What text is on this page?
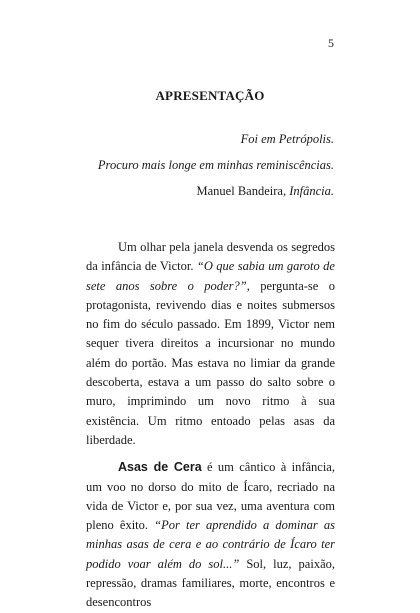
5
APRESENTAÇÃO

Foi em Petrópolis.

Procuro mais longe em minhas reminiscências.

Manuel Bandeira, Infância.

Um olhar pela janela desvenda os segredos da infância de Victor. “O que sabia um garoto de sete anos sobre o poder?”, pergunta-se o protagonista, revivendo dias e noites submersos no fim do século passado. Em 1899, Victor nem sequer tivera direitos a incursionar no mundo além do portão. Mas estava no limiar da grande descoberta, estava a um passo do salto sobre o muro, imprimindo um novo ritmo à sua existência. Um ritmo entoado pelas asas da liberdade.

Asas de Cera é um cântico à infância, um voo no dorso do mito de Ícaro, recriado na vida de Victor e, por sua vez, uma aventura com pleno êxito. “Por ter aprendido a dominar as minhas asas de cera e ao contrário de Ícaro ter podido voar além do sol...” Sol, luz, paixão, repressão, dramas familiares, morte, encontros e desencontros
